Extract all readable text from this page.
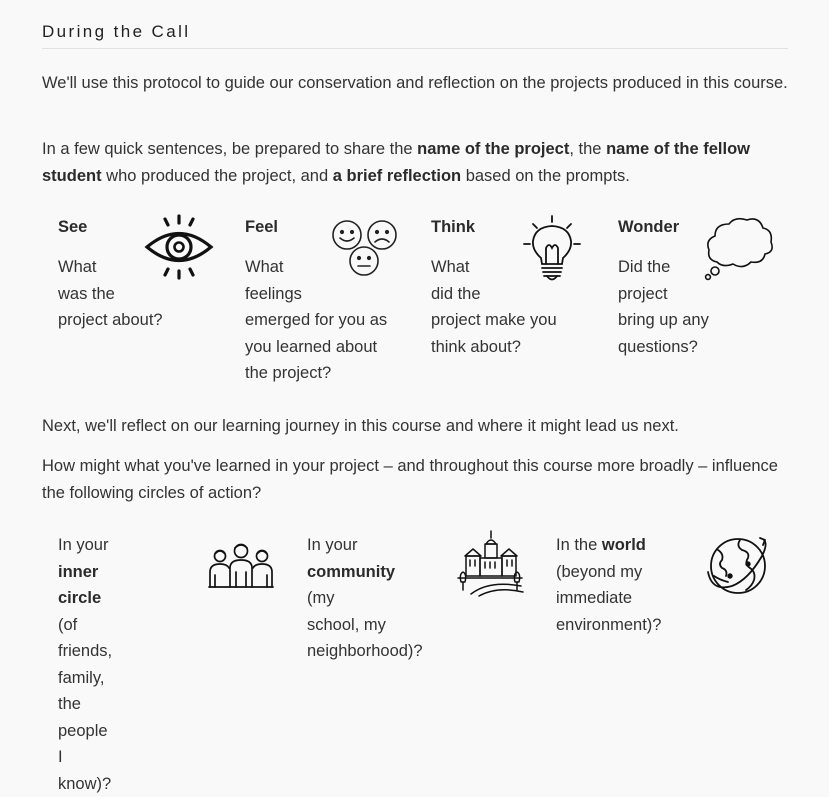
During the Call

We'll use this protocol to guide our conservation and reflection on the projects produced in this course.

In a few quick sentences, be prepared to share the name of the project, the name of the fellow student who produced the project, and a brief reflection based on the prompts.

See
What
was the
project about?
Feel
What
feelings
emerged for you as
you learned about
the project?
Think
What
did the
project make you
think about?
Wonder
Did the
project
bring up any
questions?

Next, we'll reflect on our learning journey in this course and where it might lead us next.

How might what you've learned in your project – and throughout this course more broadly – influence the following circles of action?

In your inner
circle (of friends,
family, the
people I know)?
In your
community (my
school, my
neighborhood)?
In the world
(beyond my
immediate
environment)?
